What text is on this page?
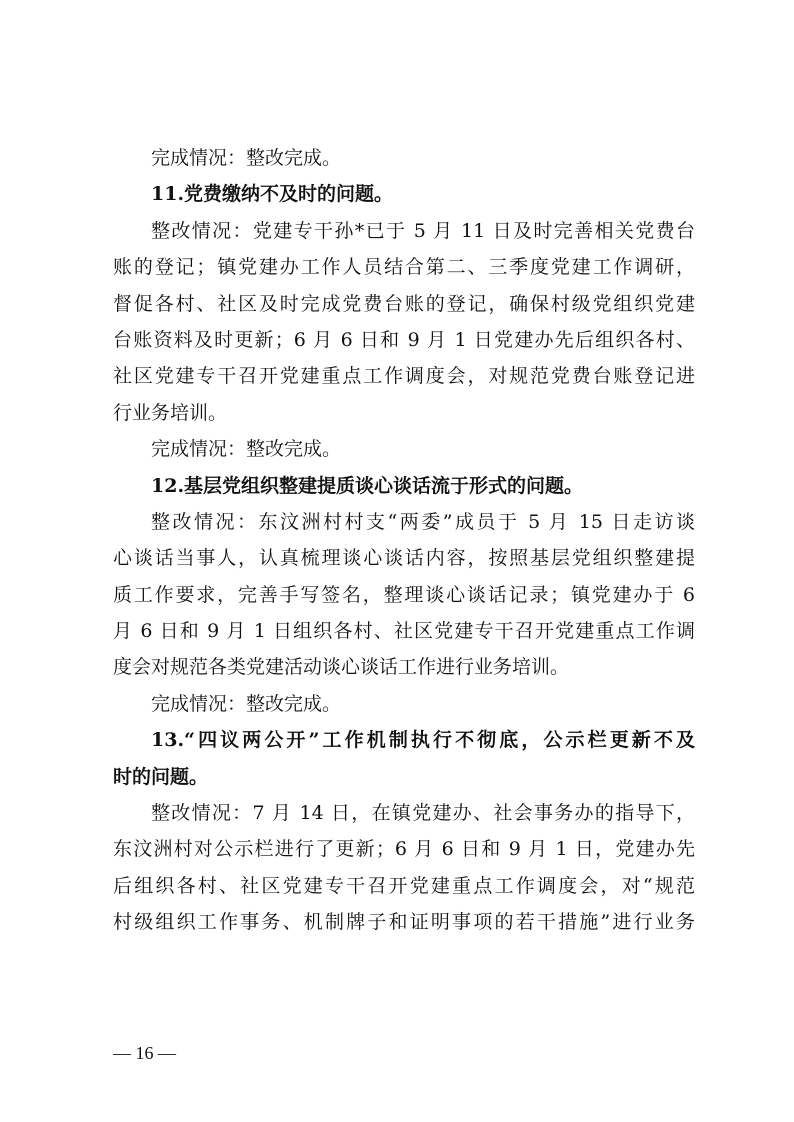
完成情况：整改完成。
11.党费缴纳不及时的问题。
整改情况：党建专干孙*已于 5 月 11 日及时完善相关党费台
账的登记；镇党建办工作人员结合第二、三季度党建工作调研，
督促各村、社区及时完成党费台账的登记，确保村级党组织党建
台账资料及时更新；6 月 6 日和 9 月 1 日党建办先后组织各村、
社区党建专干召开党建重点工作调度会，对规范党费台账登记进
行业务培训。
完成情况：整改完成。
12.基层党组织整建提质谈心谈话流于形式的问题。
整改情况：东汶洲村村支“两委”成员于 5 月 15 日走访谈
心谈话当事人，认真梳理谈心谈话内容，按照基层党组织整建提
质工作要求，完善手写签名，整理谈心谈话记录；镇党建办于 6
月 6 日和 9 月 1 日组织各村、社区党建专干召开党建重点工作调
度会对规范各类党建活动谈心谈话工作进行业务培训。
完成情况：整改完成。
13.“四议两公开”工作机制执行不彻底，公示栏更新不及
时的问题。
整改情况：7 月 14 日，在镇党建办、社会事务办的指导下，
东汶洲村对公示栏进行了更新；6 月 6 日和 9 月 1 日，党建办先
后组织各村、社区党建专干召开党建重点工作调度会，对“规范
村级组织工作事务、机制牌子和证明事项的若干措施”进行业务
— 16 —
